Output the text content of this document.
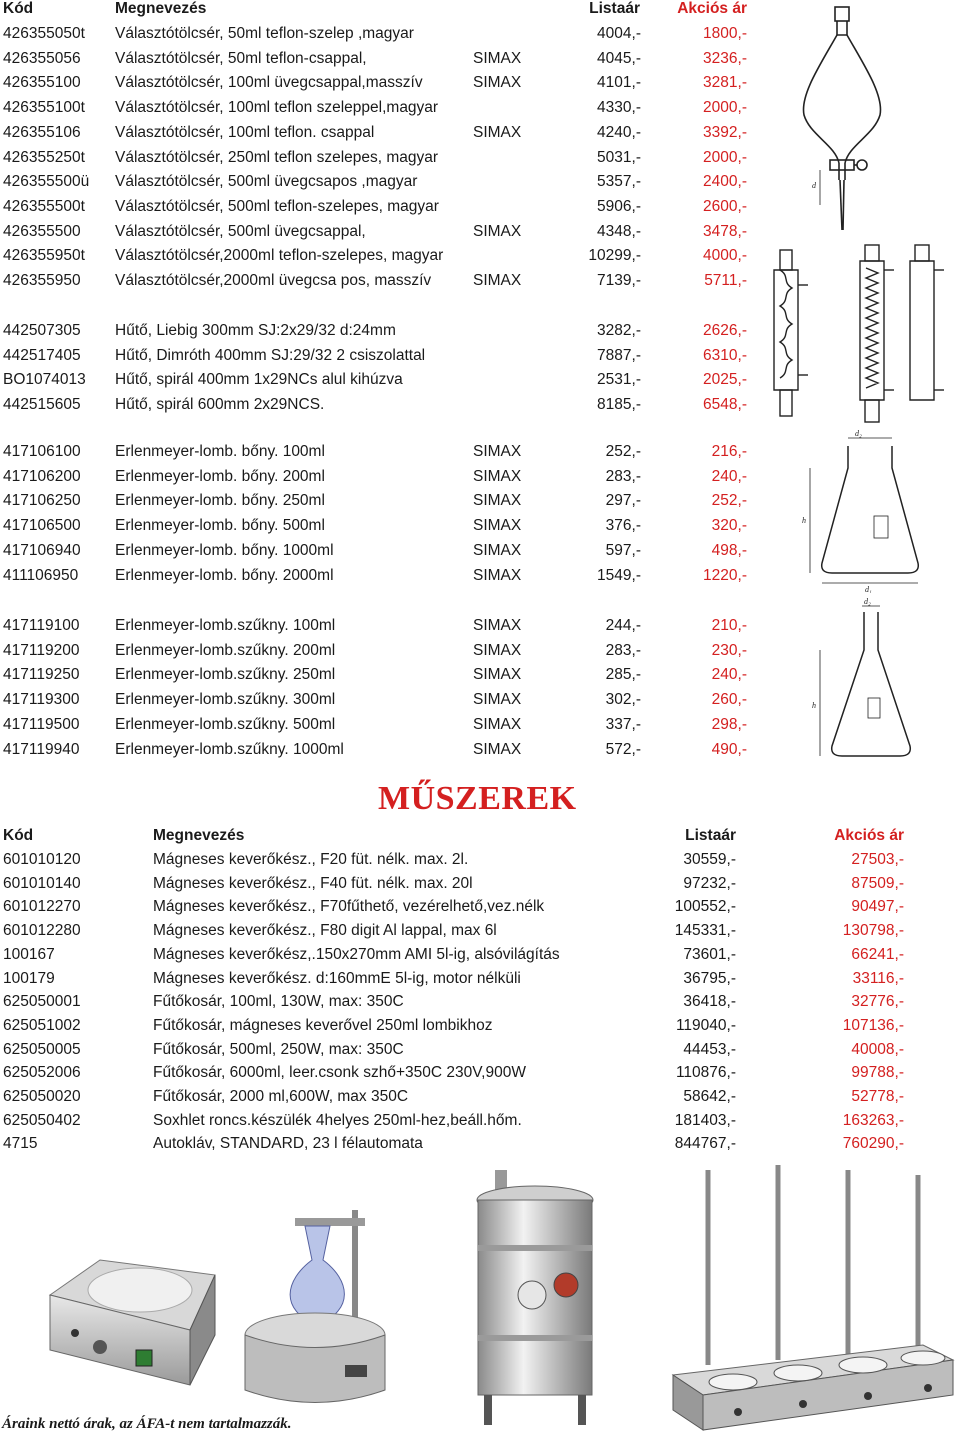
Kód	Megnevezés	Listaár	Akciós ár
426355050t Választótölcsér, 50ml teflon-szelep ,magyar	4004,-	1800,-
426355056 Választótölcsér, 50ml teflon-csappal,	SIMAX	4045,-	3236,-
426355100 Választótölcsér, 100ml üvegcsappal,masszív	SIMAX	4101,-	3281,-
426355100t Választótölcsér, 100ml teflon szeleppel,magyar	4330,-	2000,-
426355106 Választótölcsér, 100ml teflon. csappal	SIMAX	4240,-	3392,-
426355250t Választótölcsér, 250ml teflon szelepes, magyar	5031,-	2000,-
426355500ü Választótölcsér, 500ml üvegcsapos ,magyar	5357,-	2400,-
426355500t Választótölcsér, 500ml teflon-szelepes, magyar	5906,-	2600,-
426355500 Választótölcsér, 500ml üvegcsappal,	SIMAX	4348,-	3478,-
426355950t Választótölcsér,2000ml teflon-szelepes, magyar	10299,-	4000,-
426355950 Választótölcsér,2000ml üvegcsa pos, masszív	SIMAX	7139,-	5711,-
442507305 Hűtő, Liebig 300mm SJ:2x29/32 d:24mm	3282,-	2626,-
442517405 Hűtő, Dimróth 400mm SJ:29/32 2 csiszolattal	7887,-	6310,-
BO1074013 Hűtő, spirál 400mm 1x29NCs alul kihúzva	2531,-	2025,-
442515605 Hűtő, spirál 600mm 2x29NCS.	8185,-	6548,-
417106100 Erlenmeyer-lomb. bőny. 100ml	SIMAX	252,-	216,-
417106200 Erlenmeyer-lomb. bőny. 200ml	SIMAX	283,-	240,-
417106250 Erlenmeyer-lomb. bőny. 250ml	SIMAX	297,-	252,-
417106500 Erlenmeyer-lomb. bőny. 500ml	SIMAX	376,-	320,-
417106940 Erlenmeyer-lomb. bőny. 1000ml	SIMAX	597,-	498,-
411106950 Erlenmeyer-lomb. bőny. 2000ml	SIMAX	1549,-	1220,-
417119100 Erlenmeyer-lomb.szűkny. 100ml	SIMAX	244,-	210,-
417119200 Erlenmeyer-lomb.szűkny. 200ml	SIMAX	283,-	230,-
417119250 Erlenmeyer-lomb.szűkny. 250ml	SIMAX	285,-	240,-
417119300 Erlenmeyer-lomb.szűkny. 300ml	SIMAX	302,-	260,-
417119500 Erlenmeyer-lomb.szűkny. 500ml	SIMAX	337,-	298,-
417119940 Erlenmeyer-lomb.szűkny. 1000ml	SIMAX	572,-	490,-
MŰSZEREK
Kód	Megnevezés	Listaár	Akciós ár
601010120	Mágneses keverőkész., F20 füt. nélk. max. 2l.	30559,-	27503,-
601010140	Mágneses keverőkész., F40 füt. nélk. max. 20l	97232,-	87509,-
601012270	Mágneses keverőkész., F70fűthető, vezérelhető,vez.nélk	100552,-	90497,-
601012280	Mágneses keverőkész., F80 digit Al lappal, max 6l	145331,-	130798,-
100167	Mágneses keverőkész,.150x270mm AMI 5l-ig, alsóvilágítás	73601,-	66241,-
100179	Mágneses keverőkész. d:160mmE 5l-ig, motor nélküli	36795,-	33116,-
625050001	Fűtőkosár, 100ml, 130W, max: 350C	36418,-	32776,-
625051002	Fűtőkosár, mágneses keverővel 250ml lombikhoz	119040,-	107136,-
625050005	Fűtőkosár, 500ml, 250W, max: 350C	44453,-	40008,-
625052006	Fűtőkosár, 6000ml, leer.csonk szhő+350C 230V,900W	110876,-	99788,-
625050020	Fűtőkosár, 2000 ml,600W, max 350C	58642,-	52778,-
625050402	Soxhlet roncs.készülék 4helyes 250ml-hez,beáll.hőm.	181403,-	163263,-
4715	Autokláv, STANDARD, 23 l félautomata	844767,-	760290,-
d
d₂
h
d₁
d₂
h
Áraink nettó árak, az ÁFA-t nem tartalmazzák.
